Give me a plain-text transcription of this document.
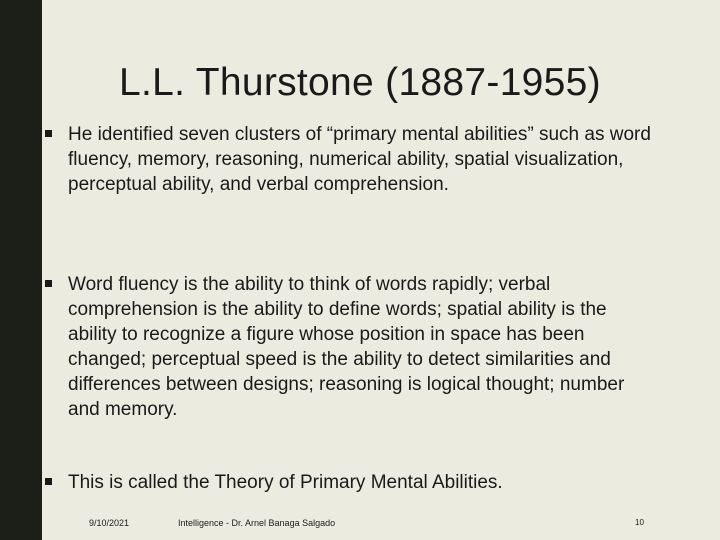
L.L. Thurstone (1887-1955)

He identified seven clusters of “primary mental abilities” such as word fluency, memory, reasoning, numerical ability, spatial visualization, perceptual ability, and verbal comprehension.

Word fluency is the ability to think of words rapidly; verbal comprehension is the ability to define words; spatial ability is the ability to recognize a figure whose position in space has been changed; perceptual speed is the ability to detect similarities and differences between designs; reasoning is logical thought; number and memory.

This is called the Theory of Primary Mental Abilities.

9/10/2021	Intelligence - Dr. Arnel Banaga Salgado	10
